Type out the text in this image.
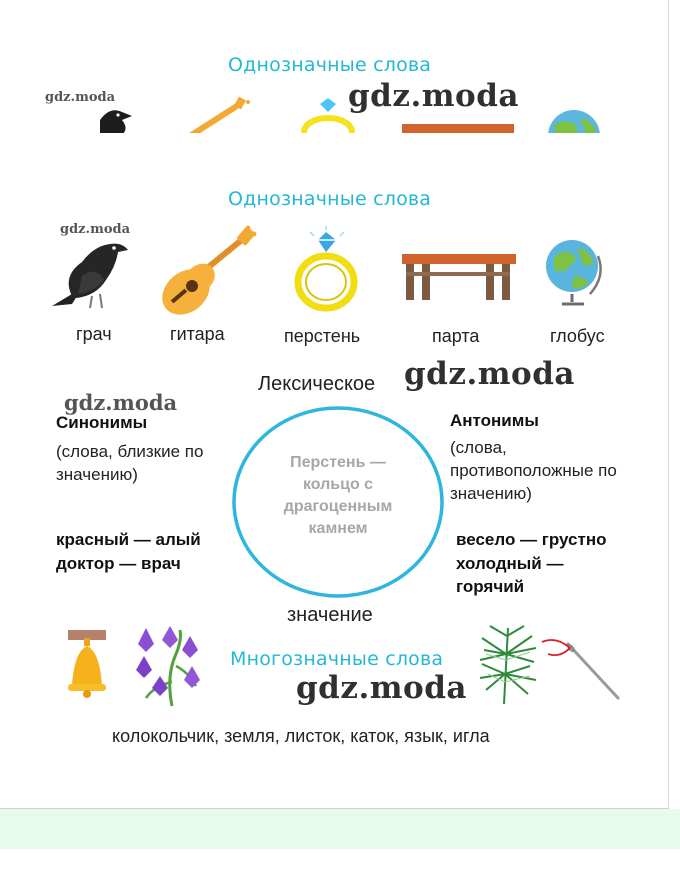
Однозначные слова
gdz.moda	gdz.moda
Однозначные слова
gdz.moda
грач	гитара	перстень	парта	глобус
Лексическое gdz.moda
Перстень — кольцо с драгоценным камнем
значение
gdz.moda
Синонимы
(слова, близкие по значению)
красный — алый
доктор — врач
Антонимы
(слова, противоположные по значению)
весело — грустно
холодный — горячий
Многозначные слова
gdz.moda
колокольчик, земля, листок, каток, язык, игла
